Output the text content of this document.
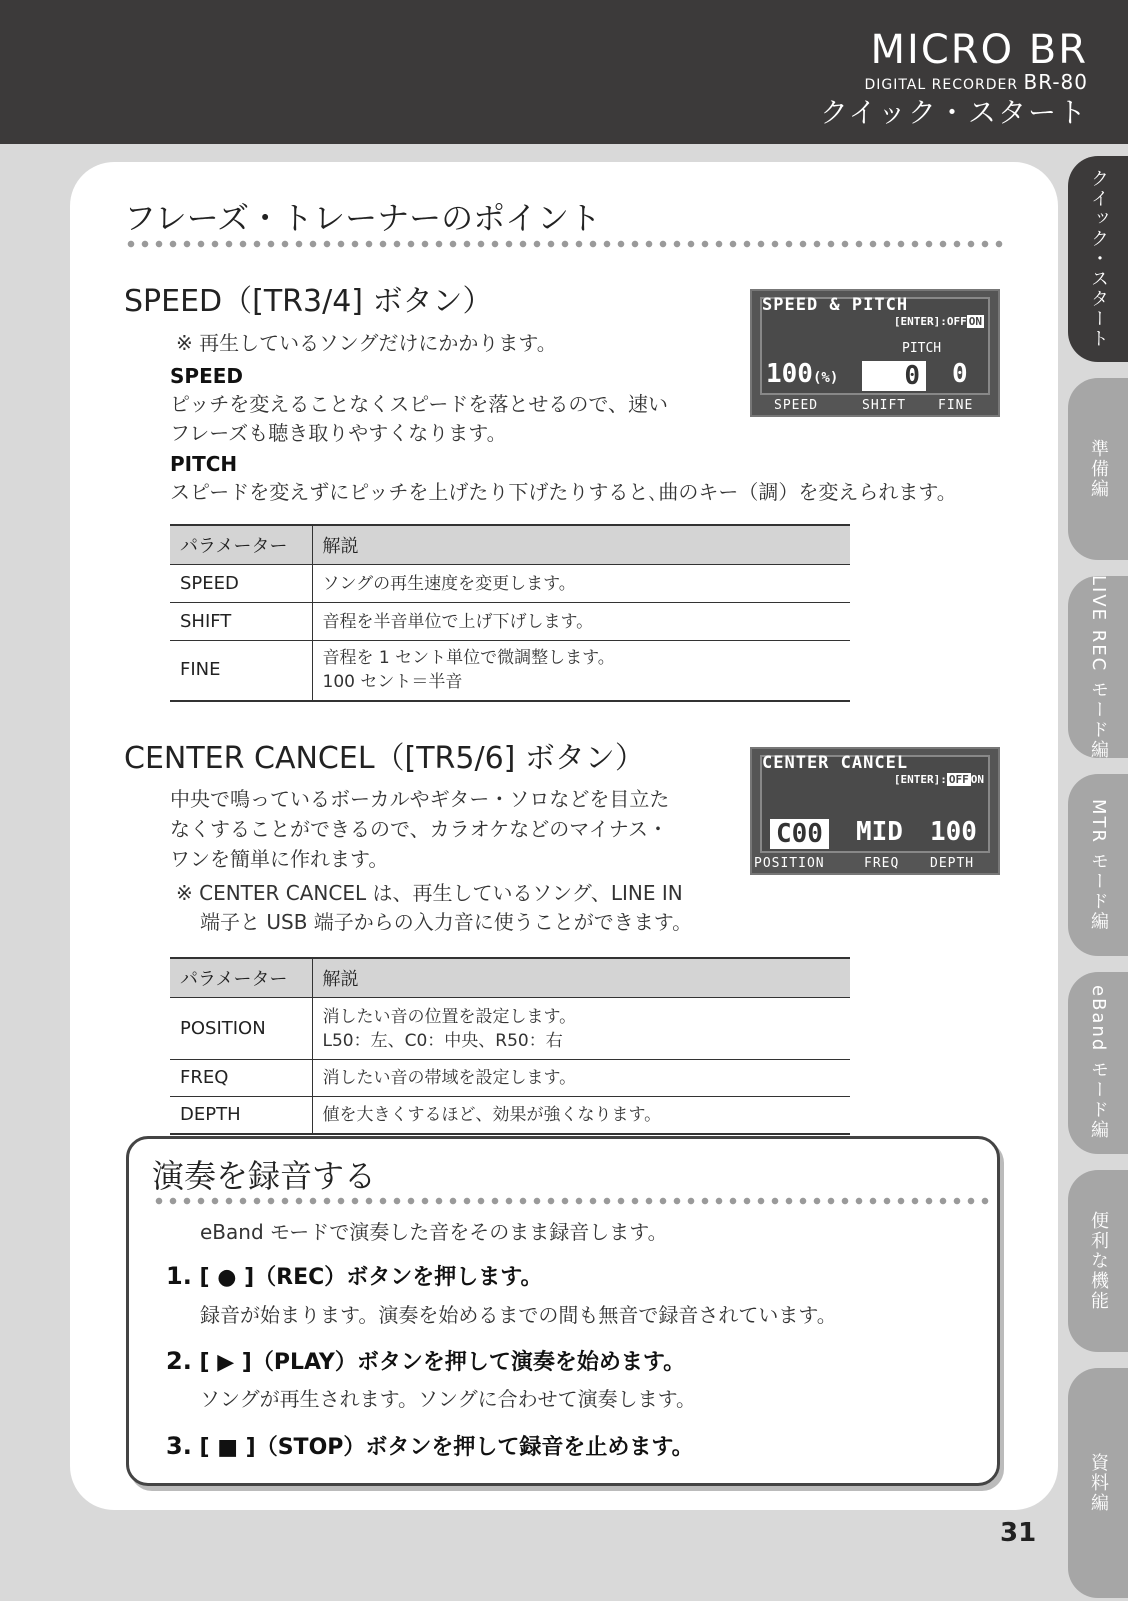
MICRO BR
DIGITAL RECORDER BR-80
クイック・スタート
クイック・スタート
準備編
LIVE REC モード編
MTR モード編
eBand モード編
便利な機能
資料編
フレーズ・トレーナーのポイント
SPEED（[TR3/4] ボタン）
※ 再生しているソングだけにかかります。
SPEED
ピッチを変えることなくスピードを落とせるので、速い
フレーズも聴き取りやすくなります。
PITCH
スピードを変えずにピッチを上げたり下げたりすると､曲のキー（調）を変えられます。
SPEED & PITCH
[ENTER]:OFF ON
PITCH
100(%)	0 0
SPEED	SHIFT FINE
パラメーター	解説
SPEED	ソングの再生速度を変更します。

SHIFT	音程を半音単位で上げ下げします。

FINE	音程を 1 セント単位で微調整します。
100 セント＝半音
CENTER CANCEL（[TR5/6] ボタン）
中央で鳴っているボーカルやギター・ソロなどを目立た
なくすることができるので、カラオケなどのマイナス・
ワンを簡単に作れます。
※ CENTER CANCEL は、再生しているソング、LINE IN
端子と USB 端子からの入力音に使うことができます。
CENTER CANCEL
[ENTER]: OFF ON
C00 MID 100
POSITION	FREQ DEPTH
パラメーター	解説
POSITION	消したい音の位置を設定します。
L50：左、C0：中央、R50：右

FREQ	消したい音の帯域を設定します。

DEPTH	値を大きくするほど、効果が強くなります。
演奏を録音する
eBand モードで演奏した音をそのまま録音します。
1. [ ● ]（REC）ボタンを押します。
録音が始まります。演奏を始めるまでの間も無音で録音されています。
2. [ ▶ ]（PLAY）ボタンを押して演奏を始めます。
ソングが再生されます。ソングに合わせて演奏します。
3. [ ■ ]（STOP）ボタンを押して録音を止めます。
31
